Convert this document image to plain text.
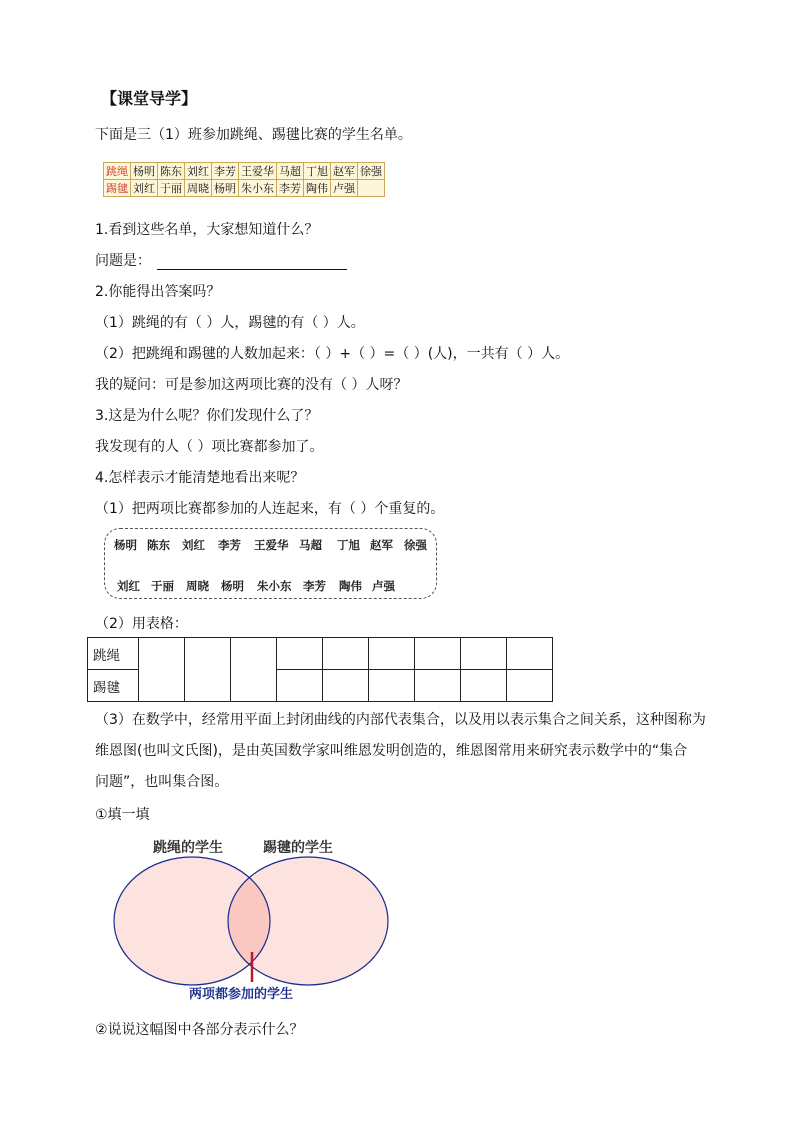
【课堂导学】
下面是三（1）班参加跳绳、踢毽比赛的学生名单。
跳绳	杨明	陈东	刘红	李芳	王爱华	马超	丁旭	赵军	徐强
踢毽	刘红	于丽	周晓	杨明	朱小东	李芳	陶伟	卢强	
1.看到这些名单，大家想知道什么？
问题是：
2.你能得出答案吗？
（1）跳绳的有（ ）人，踢毽的有（ ）人。
（2）把跳绳和踢毽的人数加起来：（ ）+（ ）=（ ）(人)，一共有（ ）人。
我的疑问：可是参加这两项比赛的没有（ ）人呀？
3.这是为什么呢？你们发现什么了？
我发现有的人（ ）项比赛都参加了。
4.怎样表示才能清楚地看出来呢？
（1）把两项比赛都参加的人连起来，有（ ）个重复的。
杨明 陈东 刘红 李芳 王爱华 马超 丁旭 赵军 徐强
刘红 于丽 周晓 杨明 朱小东 李芳 陶伟 卢强
（2）用表格：
跳绳									
踢毽									
（3）在数学中，经常用平面上封闭曲线的内部代表集合，以及用以表示集合之间关系，这种图称为
维恩图(也叫文氏图)，是由英国数学家叫维恩发明创造的，维恩图常用来研究表示数学中的“集合
问题”，也叫集合图。
①填一填
跳绳的学生	踢毽的学生
两项都参加的学生
②说说这幅图中各部分表示什么？
